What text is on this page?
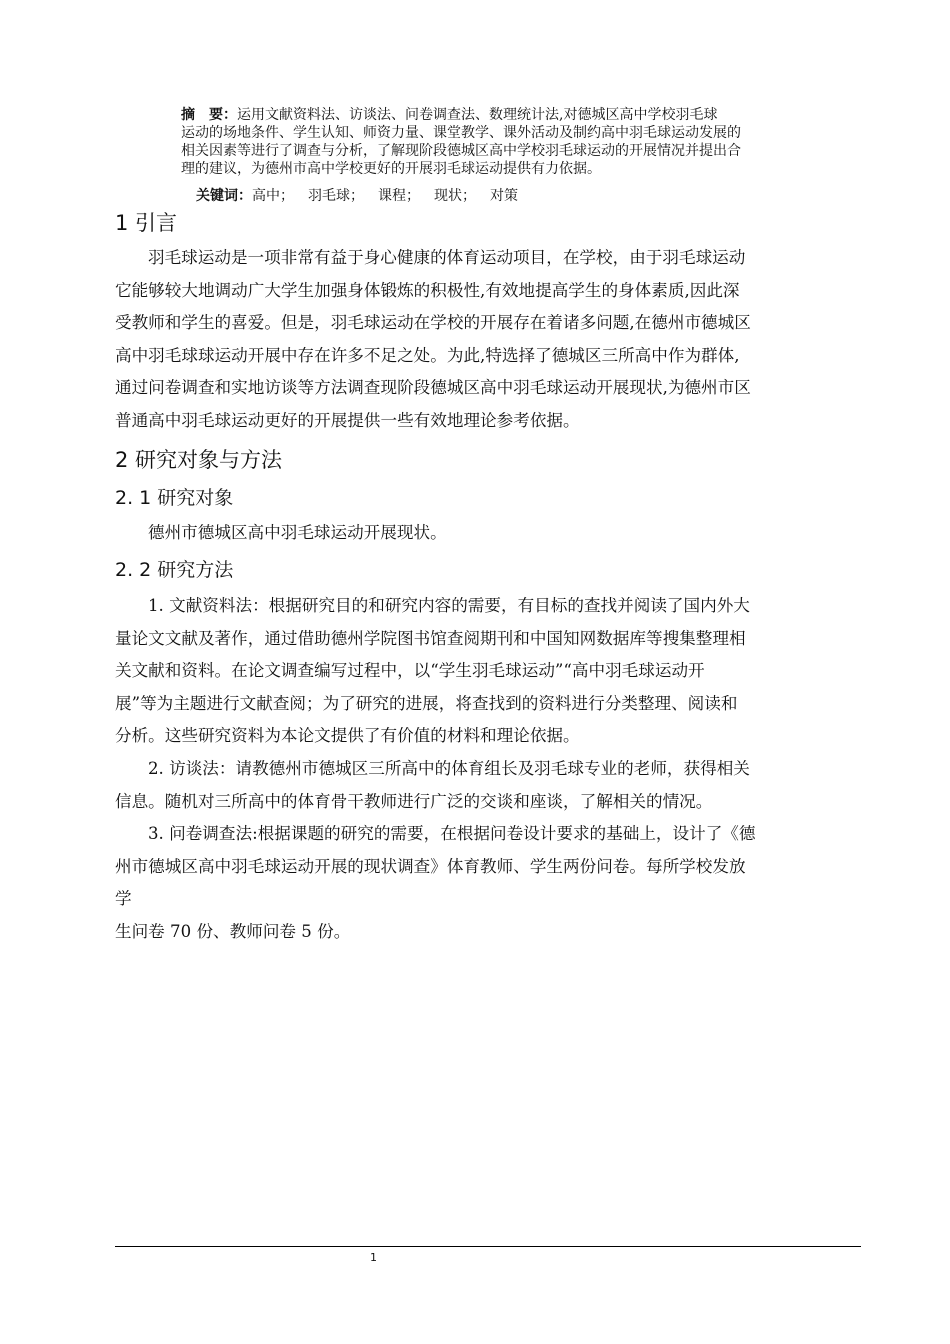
摘　要：运用文献资料法、访谈法、问卷调查法、数理统计法,对德城区高中学校羽毛球
运动的场地条件、学生认知、师资力量、课堂教学、课外活动及制约高中羽毛球运动发展的
相关因素等进行了调查与分析，了解现阶段德城区高中学校羽毛球运动的开展情况并提出合
理的建议，为德州市高中学校更好的开展羽毛球运动提供有力依据。
关键词：高中； 羽毛球； 课程； 现状； 对策
1 引言
羽毛球运动是一项非常有益于身心健康的体育运动项目，在学校，由于羽毛球运动
它能够较大地调动广大学生加强身体锻炼的积极性,有效地提高学生的身体素质,因此深
受教师和学生的喜爱。但是，羽毛球运动在学校的开展存在着诸多问题,在德州市德城区
高中羽毛球球运动开展中存在许多不足之处。为此,特选择了德城区三所高中作为群体,
通过问卷调查和实地访谈等方法调查现阶段德城区高中羽毛球运动开展现状,为德州市区
普通高中羽毛球运动更好的开展提供一些有效地理论参考依据。
2 研究对象与方法
2. 1 研究对象
德州市德城区高中羽毛球运动开展现状。
2. 2 研究方法
1. 文献资料法：根据研究目的和研究内容的需要，有目标的查找并阅读了国内外大
量论文文献及著作，通过借助德州学院图书馆查阅期刊和中国知网数据库等搜集整理相
关文献和资料。在论文调查编写过程中，以“学生羽毛球运动”“高中羽毛球运动开
展”等为主题进行文献查阅；为了研究的进展，将查找到的资料进行分类整理、阅读和
分析。这些研究资料为本论文提供了有价值的材料和理论依据。
2. 访谈法：请教德州市德城区三所高中的体育组长及羽毛球专业的老师，获得相关
信息。随机对三所高中的体育骨干教师进行广泛的交谈和座谈，了解相关的情况。
3. 问卷调查法:根据课题的研究的需要，在根据问卷设计要求的基础上，设计了《德
州市德城区高中羽毛球运动开展的现状调查》体育教师、学生两份问卷。每所学校发放
学
生问卷 70 份、教师问卷 5 份。
1
